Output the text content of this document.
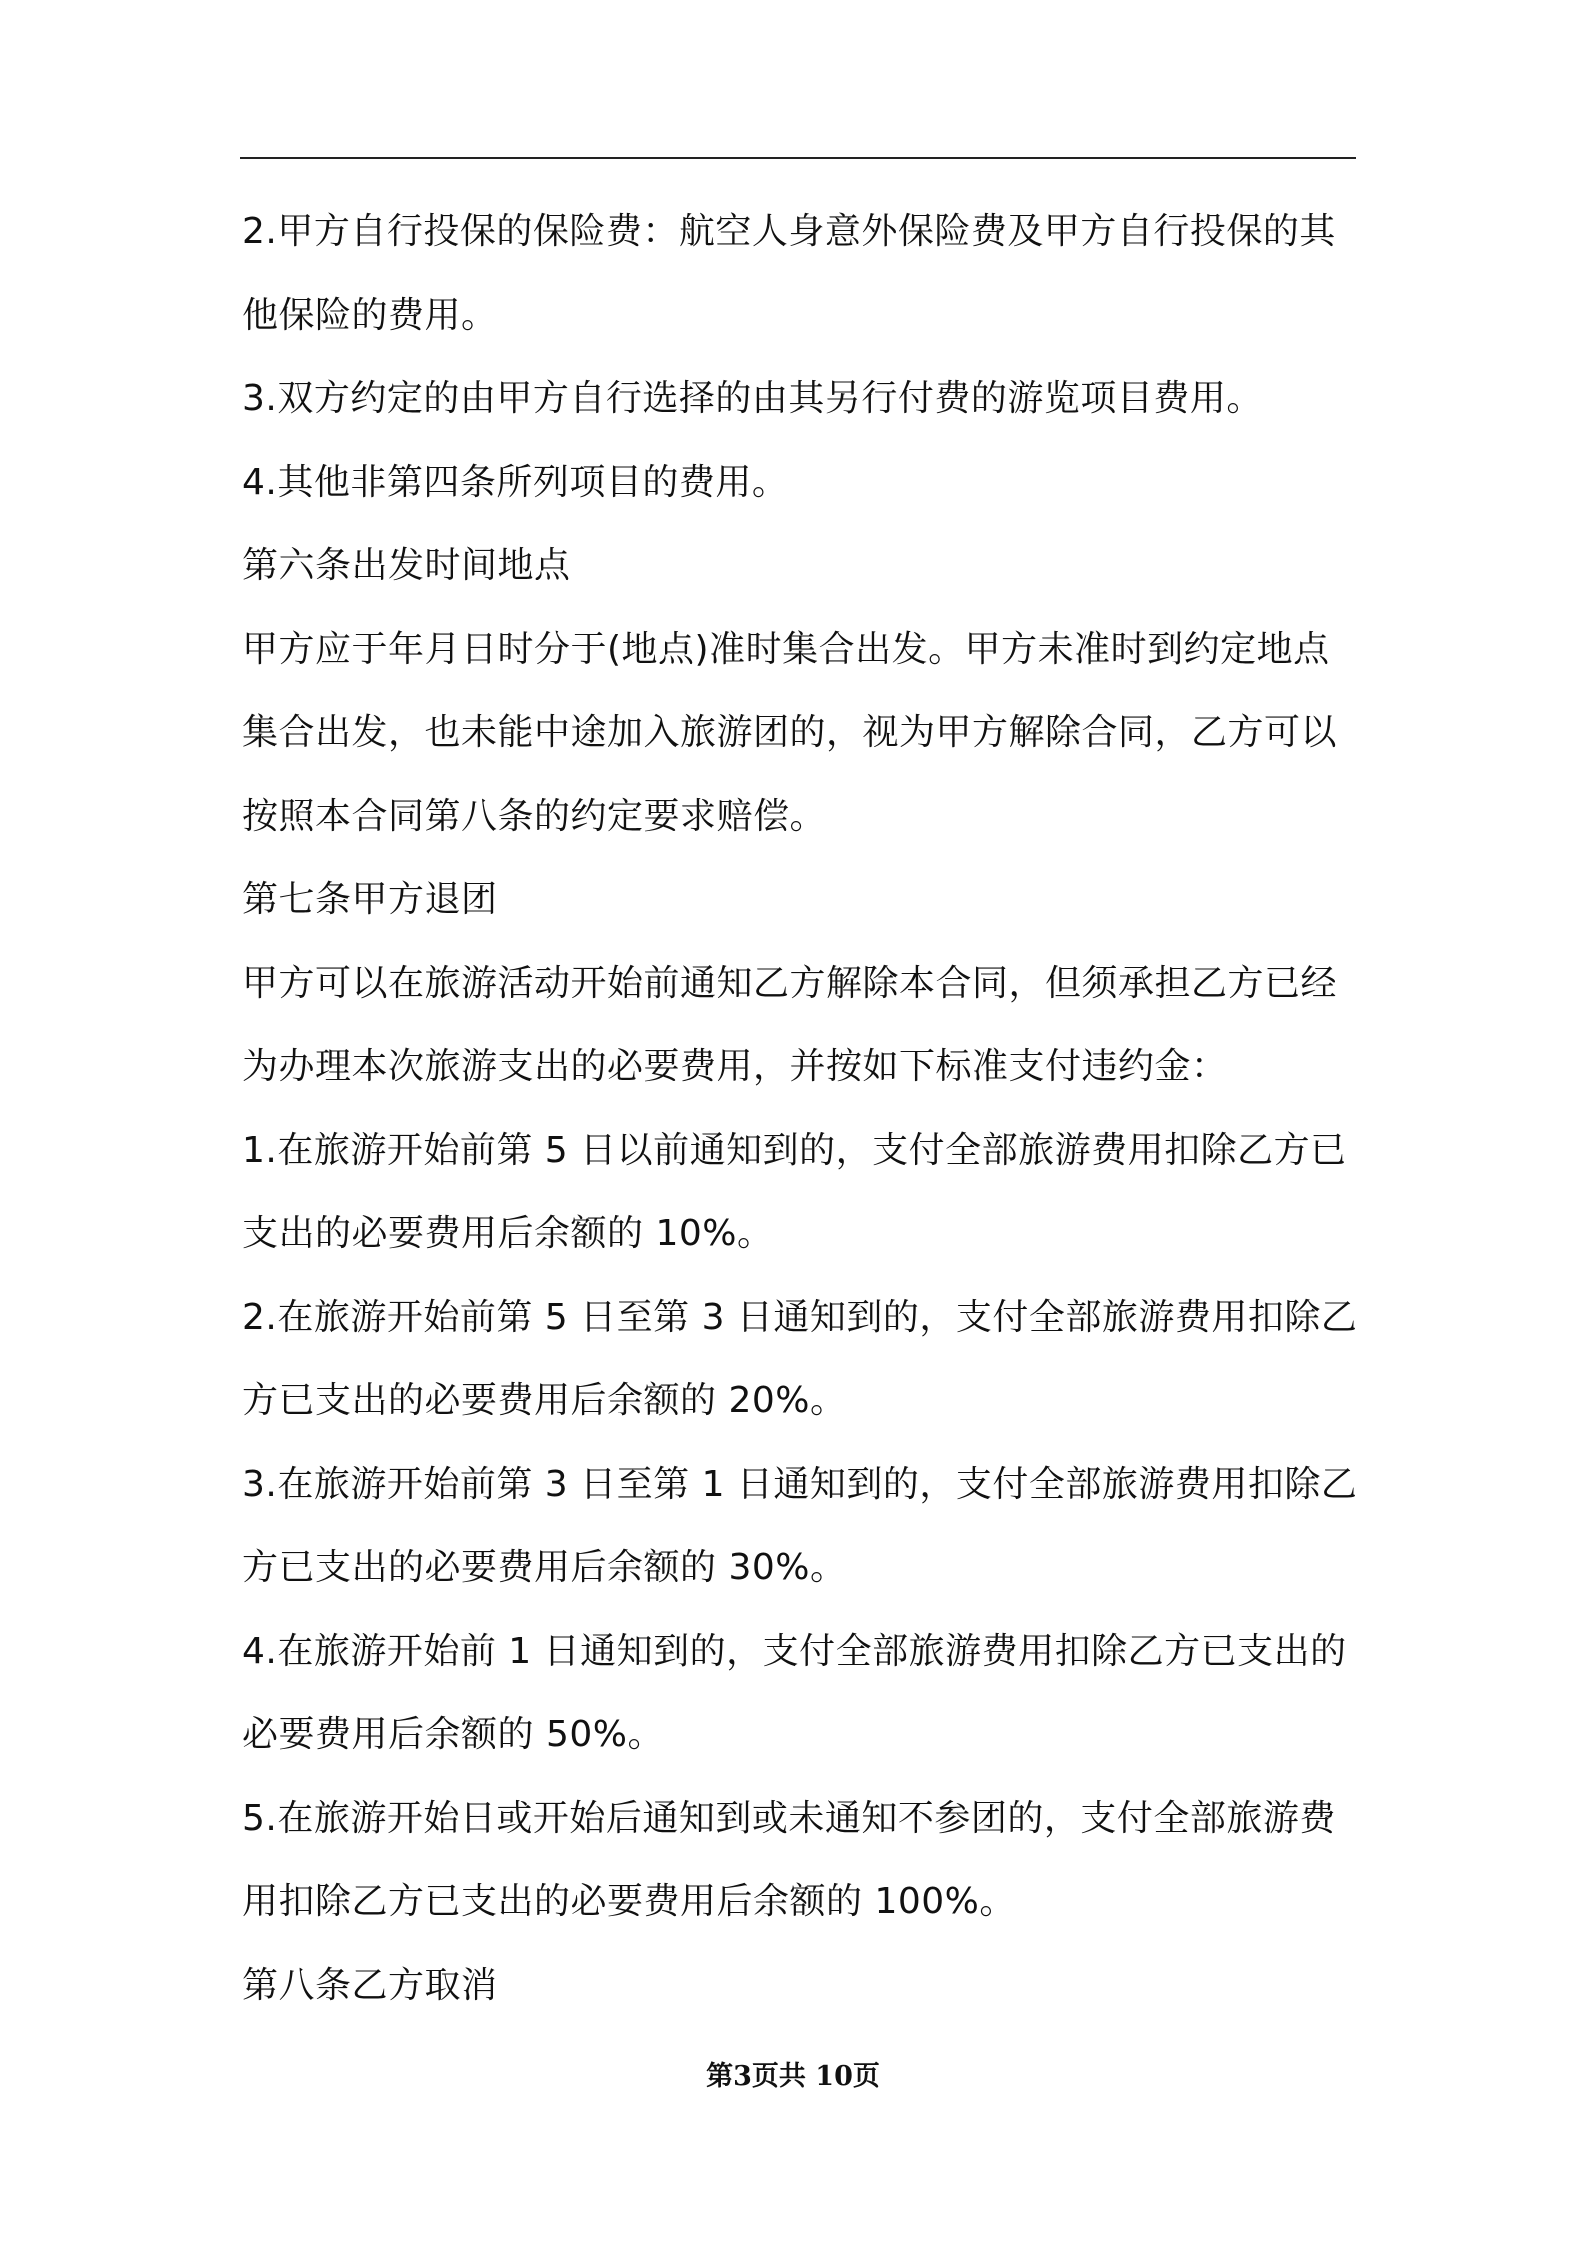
2.甲方自行投保的保险费：航空人身意外保险费及甲方自行投保的其
他保险的费用。
3.双方约定的由甲方自行选择的由其另行付费的游览项目费用。
4.其他非第四条所列项目的费用。
第六条出发时间地点
甲方应于年月日时分于(地点)准时集合出发。甲方未准时到约定地点
集合出发，也未能中途加入旅游团的，视为甲方解除合同，乙方可以
按照本合同第八条的约定要求赔偿。
第七条甲方退团
甲方可以在旅游活动开始前通知乙方解除本合同，但须承担乙方已经
为办理本次旅游支出的必要费用，并按如下标准支付违约金：
1.在旅游开始前第 5 日以前通知到的，支付全部旅游费用扣除乙方已
支出的必要费用后余额的 10%。
2.在旅游开始前第 5 日至第 3 日通知到的，支付全部旅游费用扣除乙
方已支出的必要费用后余额的 20%。
3.在旅游开始前第 3 日至第 1 日通知到的，支付全部旅游费用扣除乙
方已支出的必要费用后余额的 30%。
4.在旅游开始前 1 日通知到的，支付全部旅游费用扣除乙方已支出的
必要费用后余额的 50%。
5.在旅游开始日或开始后通知到或未通知不参团的，支付全部旅游费
用扣除乙方已支出的必要费用后余额的 100%。
第八条乙方取消
第3页共 10页
